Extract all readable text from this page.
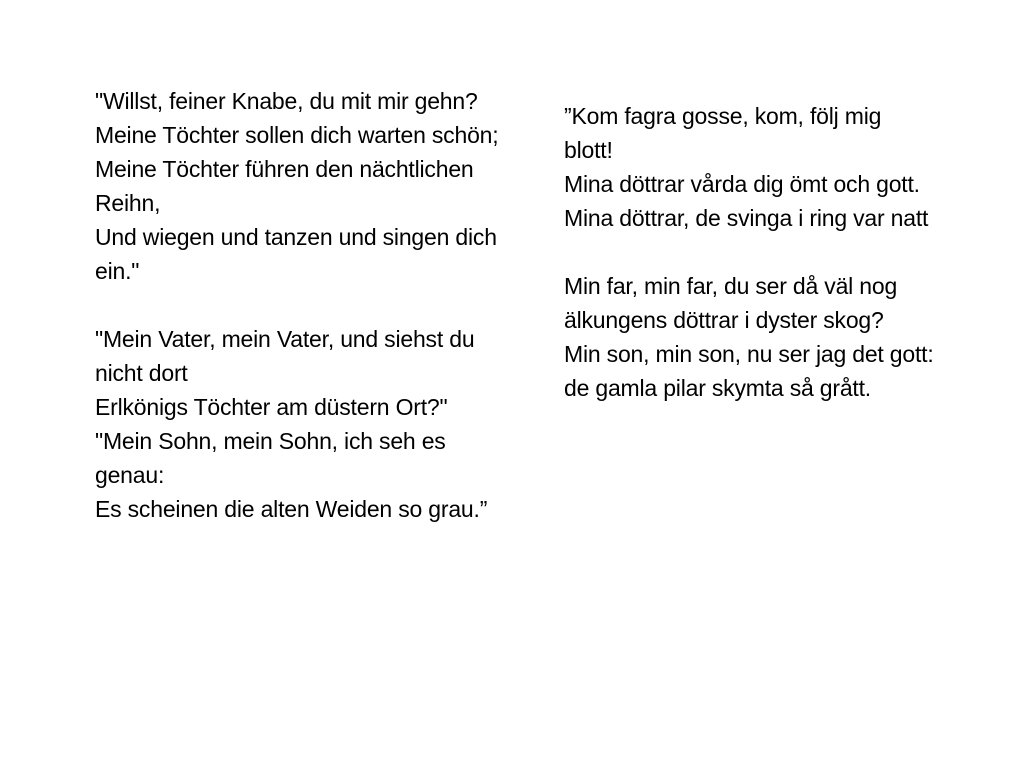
"Willst, feiner Knabe, du mit mir gehn?
Meine Töchter sollen dich warten schön;
Meine Töchter führen den nächtlichen Reihn,
Und wiegen und tanzen und singen dich ein."
"Mein Vater, mein Vater, und siehst du nicht dort
Erlkönigs Töchter am düstern Ort?"
"Mein Sohn, mein Sohn, ich seh es genau:
Es scheinen die alten Weiden so grau.”
”Kom fagra gosse, kom, följ mig blott!
Mina döttrar vårda dig ömt och gott.
Mina döttrar, de svinga i ring var natt
Min far, min far, du ser då väl nog
älkungens döttrar i dyster skog?
Min son, min son, nu ser jag det gott:
de gamla pilar skymta så grått.
